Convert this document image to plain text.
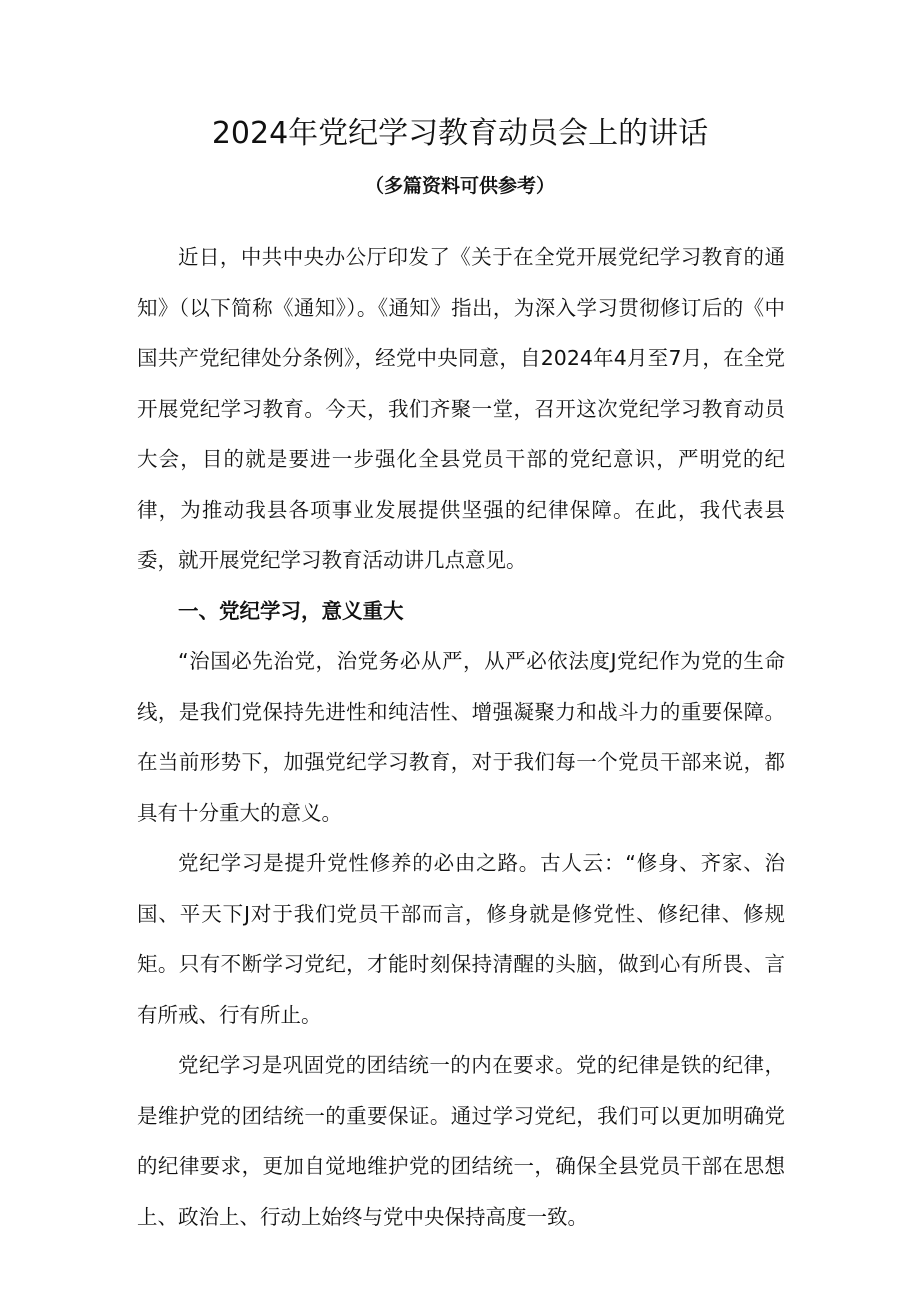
2024年党纪学习教育动员会上的讲话
（多篇资料可供参考）

近日，中共中央办公厅印发了《关于在全党开展党纪学习教育的通知》（以下简称《通知》）。《通知》指出，为深入学习贯彻修订后的《中国共产党纪律处分条例》，经党中央同意，自2024年4月至7月，在全党开展党纪学习教育。今天，我们齐聚一堂，召开这次党纪学习教育动员大会，目的就是要进一步强化全县党员干部的党纪意识，严明党的纪律，为推动我县各项事业发展提供坚强的纪律保障。在此，我代表县委，就开展党纪学习教育活动讲几点意见。

一、党纪学习，意义重大

“治国必先治党，治党务必从严，从严必依法度J党纪作为党的生命线，是我们党保持先进性和纯洁性、增强凝聚力和战斗力的重要保障。在当前形势下，加强党纪学习教育，对于我们每一个党员干部来说，都具有十分重大的意义。

党纪学习是提升党性修养的必由之路。古人云：“修身、齐家、治国、平天下J对于我们党员干部而言，修身就是修党性、修纪律、修规矩。只有不断学习党纪，才能时刻保持清醒的头脑，做到心有所畏、言有所戒、行有所止。

党纪学习是巩固党的团结统一的内在要求。党的纪律是铁的纪律，是维护党的团结统一的重要保证。通过学习党纪，我们可以更加明确党的纪律要求，更加自觉地维护党的团结统一，确保全县党员干部在思想上、政治上、行动上始终与党中央保持高度一致。
